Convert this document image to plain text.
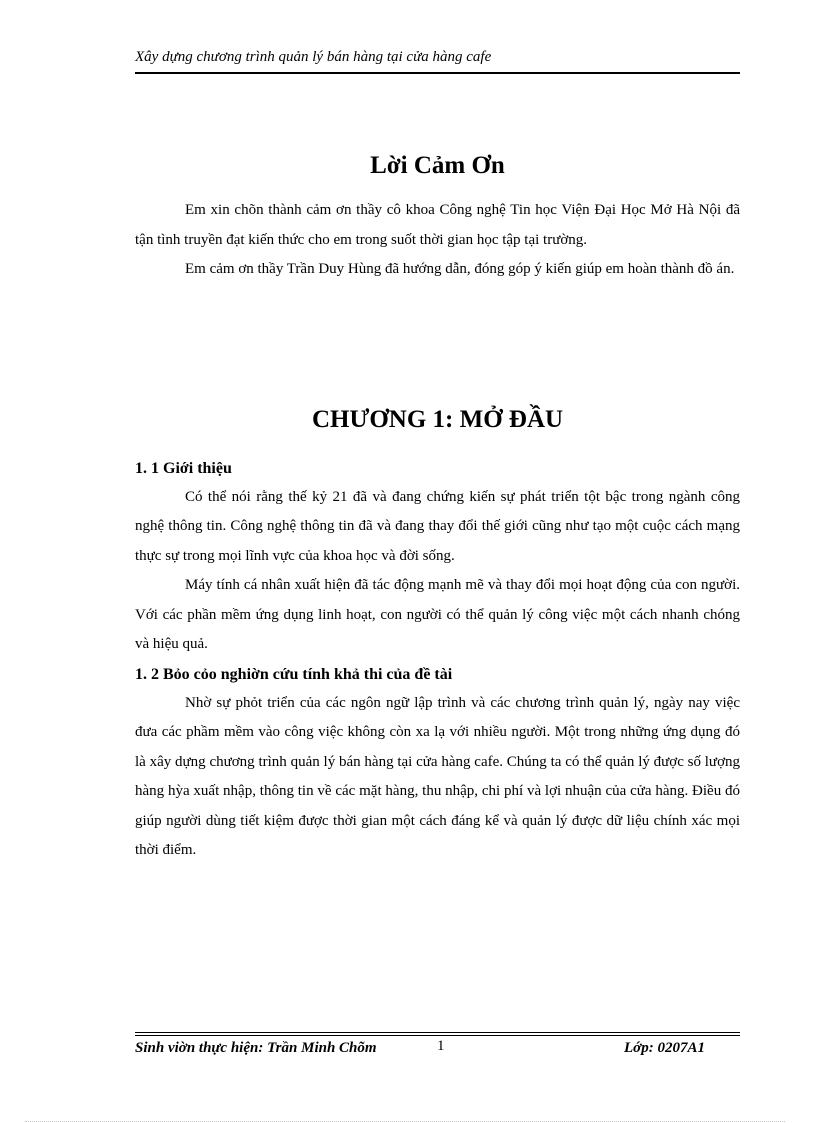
Xây dựng chương trình quản lý bán hàng tại cửa hàng cafe
Lời Cảm Ơn

Em xin chõn thành cảm ơn thầy cô khoa Công nghệ Tin học Viện Đại Học Mở Hà Nội đã tận tình truyền đạt kiến thức cho em trong suốt thời gian học tập tại trường.

Em cảm ơn thầy Trần Duy Hùng đã hướng dẫn, đóng góp ý kiến giúp em hoàn thành đồ án.

CHƯƠNG 1: MỞ ĐẦU
1. 1 Giới thiệu

Có thể nói rằng thế kỷ 21 đã và đang chứng kiến sự phát triển tột bậc trong ngành công nghệ thông tin. Công nghệ thông tin đã và đang thay đổi thế giới cũng như tạo một cuộc cách mạng thực sự trong mọi lĩnh vực của khoa học và đời sống.

Máy tính cá nhân xuất hiện đã tác động mạnh mẽ và thay đổi mọi hoạt động của con người. Với các phần mềm ứng dụng linh hoạt, con người có thể quản lý công việc một cách nhanh chóng và hiệu quả.

1. 2 Bỏo cỏo nghiờn cứu tính khả thi của đề tài

Nhờ sự phỏt triển của các ngôn ngữ lập trình và các chương trình quản lý, ngày nay việc đưa các phầm mềm vào công việc không còn xa lạ với nhiều người. Một trong những ứng dụng đó là xây dựng chương trình quản lý bán hàng tại cửa hàng cafe. Chúng ta có thể quản lý được số lượng hàng hỳa xuất nhập, thông tin về các mặt hàng, thu nhập, chi phí và lợi nhuận của cửa hàng. Điều đó giúp người dùng tiết kiệm được thời gian một cách đáng kể và quản lý được dữ liệu chính xác mọi thời điểm.

Sinh viờn thực hiện: Trần Minh Chõm	1	Lớp: 0207A1
